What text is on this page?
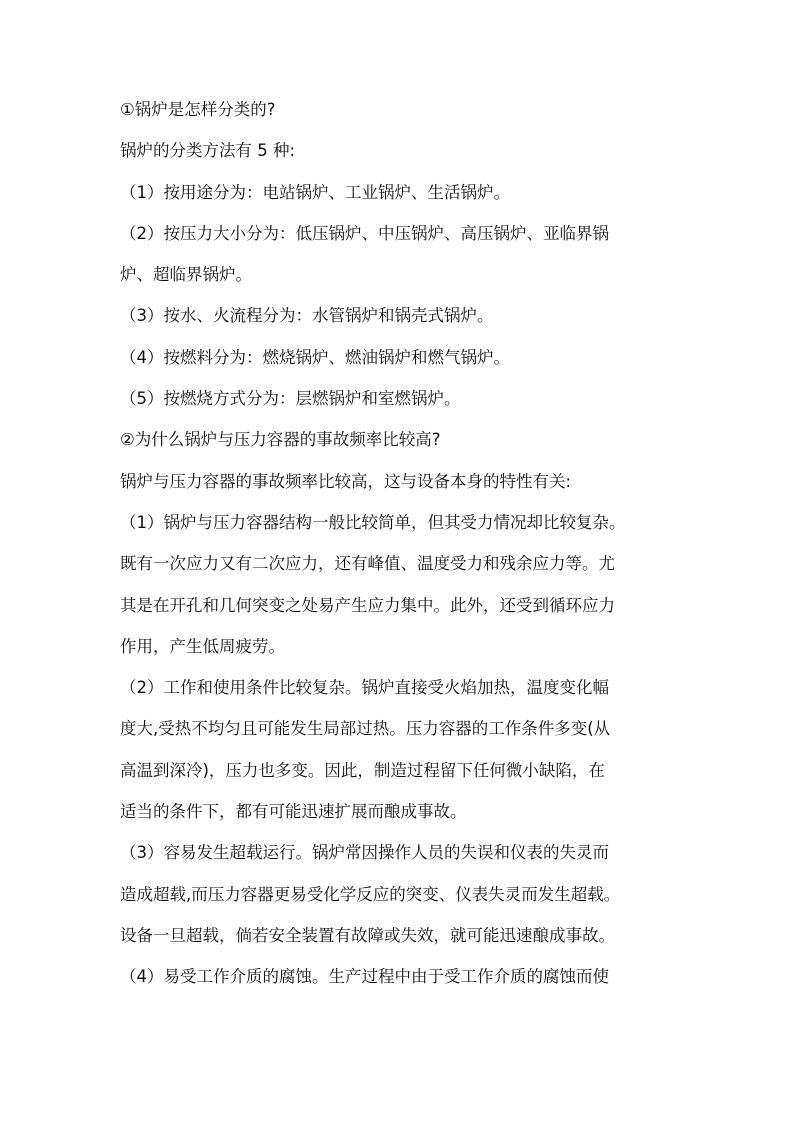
①锅炉是怎样分类的?
锅炉的分类方法有 5 种:
（1）按用途分为：电站锅炉、工业锅炉、生活锅炉。
（2）按压力大小分为：低压锅炉、中压锅炉、高压锅炉、亚临界锅
炉、超临界锅炉。
（3）按水、火流程分为：水管锅炉和锅壳式锅炉。
（4）按燃料分为：燃烧锅炉、燃油锅炉和燃气锅炉。
（5）按燃烧方式分为：层燃锅炉和室燃锅炉。
②为什么锅炉与压力容器的事故频率比较高?
锅炉与压力容器的事故频率比较高，这与设备本身的特性有关:
（1）锅炉与压力容器结构一般比较简单，但其受力情况却比较复杂。
既有一次应力又有二次应力，还有峰值、温度受力和残余应力等。尤
其是在开孔和几何突变之处易产生应力集中。此外，还受到循环应力
作用，产生低周疲劳。
（2）工作和使用条件比较复杂。锅炉直接受火焰加热，温度变化幅
度大,受热不均匀且可能发生局部过热。压力容器的工作条件多变(从
高温到深冷)，压力也多变。因此，制造过程留下任何微小缺陷，在
适当的条件下，都有可能迅速扩展而酿成事故。
（3）容易发生超载运行。锅炉常因操作人员的失误和仪表的失灵而
造成超载,而压力容器更易受化学反应的突变、仪表失灵而发生超载。
设备一旦超载，倘若安全装置有故障或失效，就可能迅速酿成事故。
（4）易受工作介质的腐蚀。生产过程中由于受工作介质的腐蚀而使
